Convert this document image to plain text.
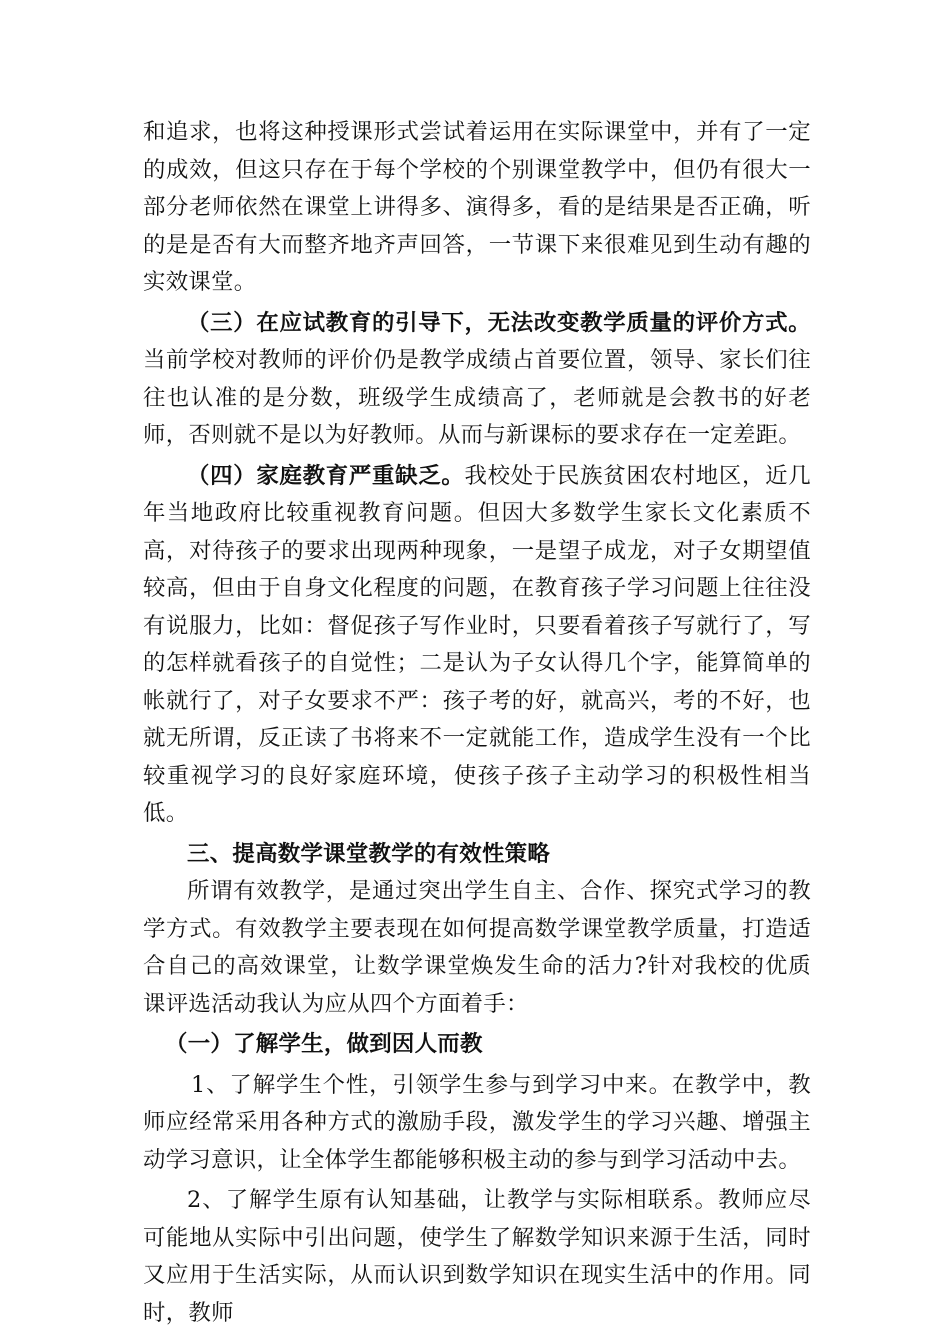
和追求，也将这种授课形式尝试着运用在实际课堂中，并有了一定的成效，但这只存在于每个学校的个别课堂教学中，但仍有很大一部分老师依然在课堂上讲得多、演得多，看的是结果是否正确，听的是是否有大而整齐地齐声回答，一节课下来很难见到生动有趣的实效课堂。

（三）在应试教育的引导下，无法改变教学质量的评价方式。当前学校对教师的评价仍是教学成绩占首要位置，领导、家长们往往也认准的是分数，班级学生成绩高了，老师就是会教书的好老师，否则就不是以为好教师。从而与新课标的要求存在一定差距。

（四）家庭教育严重缺乏。我校处于民族贫困农村地区，近几年当地政府比较重视教育问题。但因大多数学生家长文化素质不高，对待孩子的要求出现两种现象，一是望子成龙，对子女期望值较高，但由于自身文化程度的问题，在教育孩子学习问题上往往没有说服力，比如：督促孩子写作业时，只要看着孩子写就行了，写的怎样就看孩子的自觉性；二是认为子女认得几个字，能算简单的帐就行了，对子女要求不严：孩子考的好，就高兴，考的不好，也就无所谓，反正读了书将来不一定就能工作，造成学生没有一个比较重视学习的良好家庭环境，使孩子孩子主动学习的积极性相当低。

三、提高数学课堂教学的有效性策略

所谓有效教学，是通过突出学生自主、合作、探究式学习的教学方式。有效教学主要表现在如何提高数学课堂教学质量，打造适合自己的高效课堂，让数学课堂焕发生命的活力?针对我校的优质课评选活动我认为应从四个方面着手：

（一）了解学生，做到因人而教

1、了解学生个性，引领学生参与到学习中来。在教学中，教师应经常采用各种方式的激励手段，激发学生的学习兴趣、增强主动学习意识，让全体学生都能够积极主动的参与到学习活动中去。

2、了解学生原有认知基础，让教学与实际相联系。教师应尽可能地从实际中引出问题，使学生了解数学知识来源于生活，同时又应用于生活实际，从而认识到数学知识在现实生活中的作用。同时，教师
